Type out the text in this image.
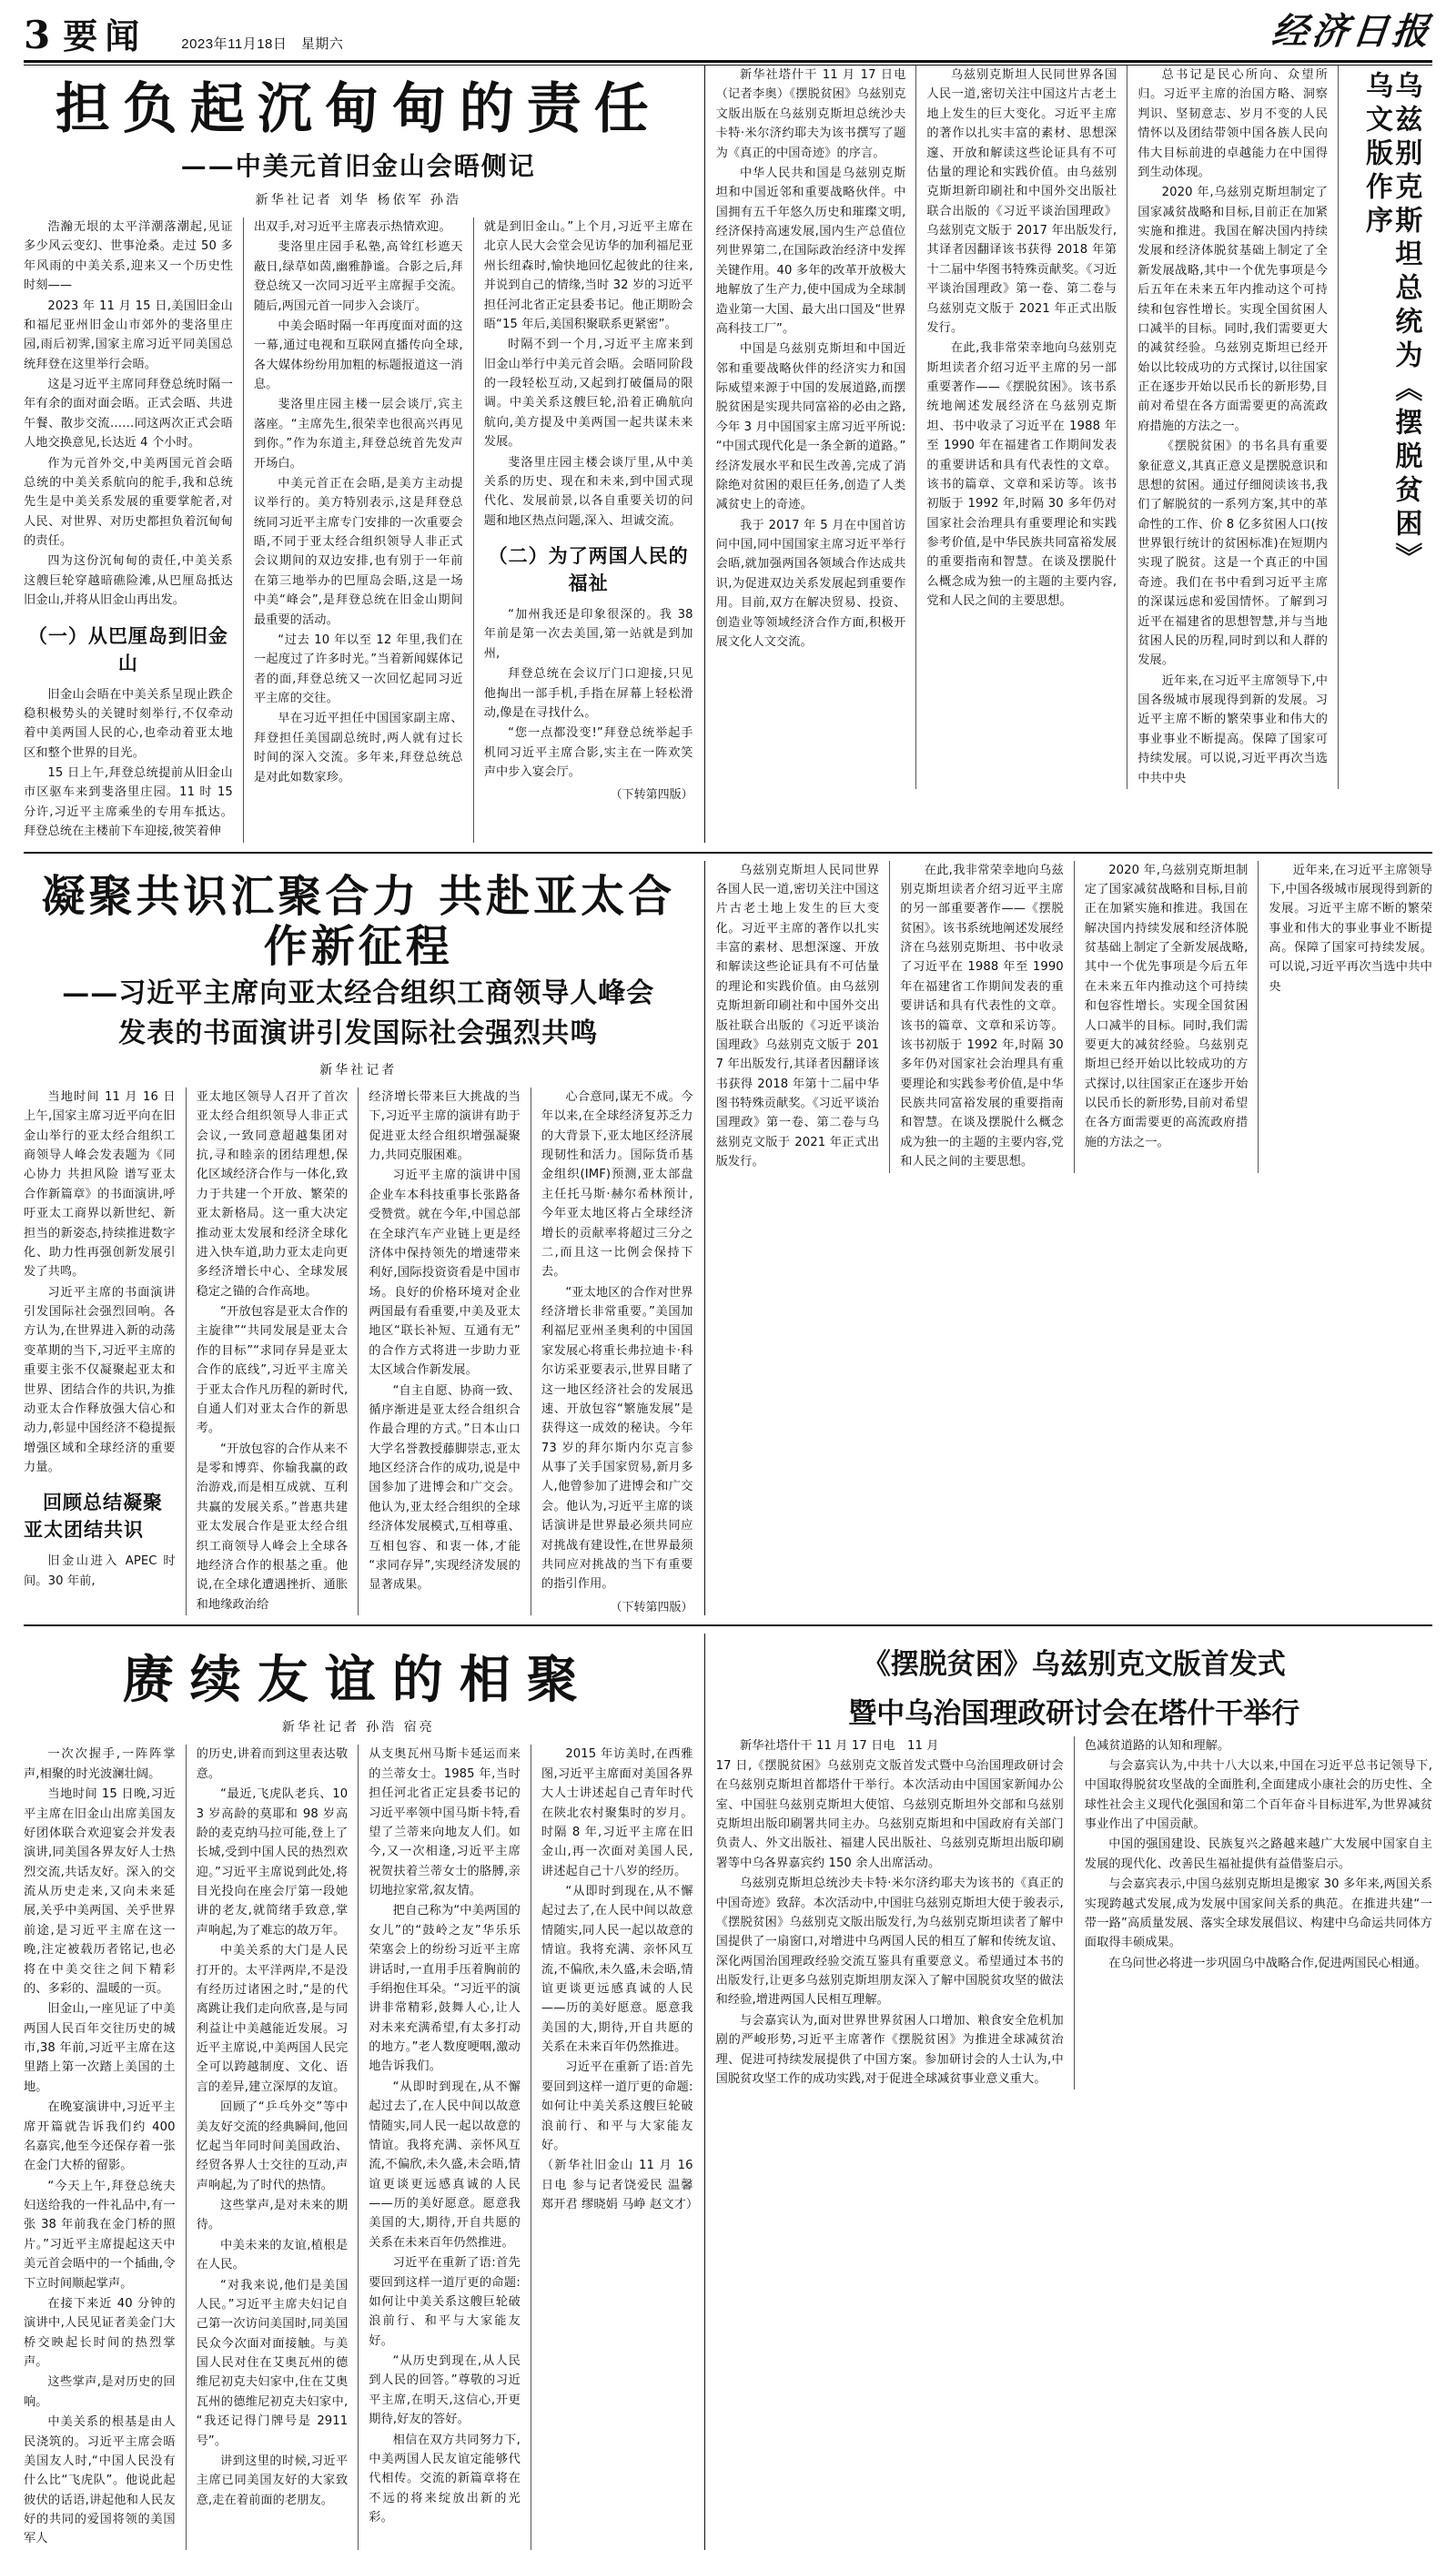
3 要闻	2023年11月18日　星期六	经济日报
担负起沉甸甸的责任
——中美元首旧金山会晤侧记
新华社记者 刘华 杨依军 孙浩

浩瀚无垠的太平洋潮落潮起,见证多少风云变幻、世事沧桑。走过 50 多年风雨的中美关系,迎来又一个历史性时刻——

2023 年 11 月 15 日,美国旧金山和福尼亚州旧金山市郊外的斐洛里庄园,雨后初霁,国家主席习近平同美国总统拜登在这里举行会晤。

这是习近平主席同拜登总统时隔一年有余的面对面会晤。正式会晤、共进午餐、散步交流……同这两次正式会晤人地交换意见,长达近 4 个小时。

作为元首外交,中美两国元首会晤总统的中美关系航向的舵手,我和总统先生是中美关系发展的重要掌舵者,对人民、对世界、对历史都担负着沉甸甸的责任。

四为这份沉甸甸的责任,中美关系这艘巨轮穿越暗礁险滩,从巴厘岛抵达旧金山,并将从旧金山再出发。

（一）从巴厘岛到旧金山

旧金山会晤在中美关系呈现止跌企稳积极势头的关键时刻举行,不仅牵动着中美两国人民的心,也牵动着亚太地区和整个世界的目光。

15 日上午,拜登总统提前从旧金山市区驱车来到斐洛里庄园。11 时 15 分许,习近平主席乘坐的专用车抵达。拜登总统在主楼前下车迎接,彼笑着伸

出双手,对习近平主席表示热情欢迎。

斐洛里庄园手私塾,高耸红杉遮天蔽日,绿草如茵,幽雅静谧。合影之后,拜登总统又一次同习近平主席握手交流。随后,两国元首一同步入会谈厅。

中美会晤时隔一年再度面对面的这一幕,通过电视和互联网直播传向全球,各大媒体纷纷用加粗的标题报道这一消息。

斐洛里庄园主楼一层会谈厅,宾主落座。“主席先生,很荣幸也很高兴再见到你。”作为东道主,拜登总统首先发声开场白。

中美元首正在会晤,是美方主动提议举行的。美方特别表示,这是拜登总统同习近平主席专门安排的一次重要会晤,不同于亚太经合组织领导人非正式会议期间的双边安排,也有别于一年前在第三地举办的巴厘岛会晤,这是一场中美“峰会”,是拜登总统在旧金山期间最重要的活动。

“过去 10 年以至 12 年里,我们在一起度过了许多时光。”当着新闻媒体记者的面,拜登总统又一次回忆起同习近平主席的交往。

早在习近平担任中国国家副主席、拜登担任美国副总统时,两人就有过长时间的深入交流。多年来,拜登总统总是对此如数家珍。

就是到旧金山。”上个月,习近平主席在北京人民大会堂会见访华的加利福尼亚州长纽森时,愉快地回忆起彼此的往来,并说到自己的情缘,当时 32 岁的习近平担任河北省正定县委书记。他正期盼会晤“15 年后,美国积聚联系更紧密”。

时隔不到一个月,习近平主席来到旧金山举行中美元首会晤。会晤同阶段的一段轻松互动,又起到打破僵局的限调。中美关系这艘巨轮,沿着正确航向航向,美方提及中美两国一起共谋未来发展。

斐洛里庄园主楼会谈厅里,从中美关系的历史、现在和未来,到中国式现代化、发展前景,以各自重要关切的问题和地区热点问题,深入、坦诚交流。

（二）为了两国人民的福祉

“加州我还是印象很深的。我 38 年前是第一次去美国,第一站就是到加州,

拜登总统在会议厅门口迎接,只见他掏出一部手机,手指在屏幕上轻松滑动,像是在寻找什么。

“您一点都没变!”拜登总统举起手机同习近平主席合影,实主在一阵欢笑声中步入宴会厅。

（下转第四版）

新华社塔什干 11 月 17 日电（记者李奥）《摆脱贫困》乌兹别克文版出版在乌兹别克斯坦总统沙夫卡特·米尔济约耶夫为该书撰写了题为《真正的中国奇迹》的序言。

中华人民共和国是乌兹别克斯坦和中国近邻和重要战略伙伴。中国拥有五千年悠久历史和璀璨文明,经济保持高速发展,国内生产总值位列世界第二,在国际政治经济中发挥关键作用。40 多年的改革开放极大地解放了生产力,使中国成为全球制造业第一大国、最大出口国及“世界高科技工厂”。

中国是乌兹别克斯坦和中国近邻和重要战略伙伴的经济实力和国际威望来源于中国的发展道路,而摆脱贫困是实现共同富裕的必由之路,今年 3 月中国国家主席习近平所说:“中国式现代化是一条全新的道路。”经济发展水平和民生改善,完成了消除绝对贫困的艰巨任务,创造了人类减贫史上的奇迹。

我于 2017 年 5 月在中国首访问中国,同中国国家主席习近平举行会晤,就加强两国各领域合作达成共识,为促进双边关系发展起到重要作用。目前,双方在解决贸易、投资、创造业等领域经济合作方面,积极开展文化人文交流。

乌兹别克斯坦人民同世界各国人民一道,密切关注中国这片古老土地上发生的巨大变化。习近平主席的著作以扎实丰富的素材、思想深邃、开放和解读这些论证具有不可估量的理论和实践价值。由乌兹别克斯坦新印刷社和中国外交出版社联合出版的《习近平谈治国理政》乌兹别克文版于 2017 年出版发行,其译者因翻译该书获得 2018 年第十二届中华图书特殊贡献奖。《习近平谈治国理政》第一卷、第二卷与乌兹别克文版于 2021 年正式出版发行。

在此,我非常荣幸地向乌兹别克斯坦读者介绍习近平主席的另一部重要著作——《摆脱贫困》。该书系统地阐述发展经济在乌兹别克斯坦、书中收录了习近平在 1988 年至 1990 年在福建省工作期间发表的重要讲话和具有代表性的文章。该书的篇章、文章和采访等。该书初版于 1992 年,时隔 30 多年仍对国家社会治理具有重要理论和实践参考价值,是中华民族共同富裕发展的重要指南和智慧。在谈及摆脱什么概念成为独一的主题的主要内容,党和人民之间的主要思想。

总书记是民心所向、众望所归。习近平主席的治国方略、洞察判识、坚韧意志、岁月不变的人民情怀以及团结带领中国各族人民向伟大目标前进的卓越能力在中国得到生动体现。

2020 年,乌兹别克斯坦制定了国家减贫战略和目标,目前正在加紧实施和推进。我国在解决国内持续发展和经济体脱贫基础上制定了全新发展战略,其中一个优先事项是今后五年在未来五年内推动这个可持续和包容性增长。实现全国贫困人口减半的目标。同时,我们需要更大的减贫经验。乌兹别克斯坦已经开始以比较成功的方式探讨,以往国家正在逐步开始以民币长的新形势,目前对希望在各方面需要更的高流政府措施的方法之一。

《摆脱贫困》的书名具有重要象征意义,其真正意义是摆脱意识和思想的贫困。通过仔细阅读该书,我们了解脱贫的一系列方案,其中的革命性的工作、价 8 亿多贫困人口(按世界银行统计的贫困标准)在短期内实现了脱贫。这是一个真正的中国奇迹。我们在书中看到习近平主席的深谋远虑和爱国情怀。了解到习近平在福建省的思想智慧,并与当地贫困人民的历程,同时到以和人群的发展。

近年来,在习近平主席领导下,中国各级城市展现得到新的发展。习近平主席不断的繁荣事业和伟大的事业事业不断提高。保障了国家可持续发展。可以说,习近平再次当选中共中央

乌兹别克斯坦总统为《摆脱贫困》乌文版作序
凝聚共识汇聚合力 共赴亚太合作新征程
——习近平主席向亚太经合组织工商领导人峰会
发表的书面演讲引发国际社会强烈共鸣
新华社记者

当地时间 11 月 16 日上午,国家主席习近平向在旧金山举行的亚太经合组织工商领导人峰会发表题为《同心协力 共担风险 谱写亚太合作新篇章》的书面演讲,呼吁亚太工商界以新世纪、新担当的新姿态,持续推进数字化、助力性再强创新发展引发了共鸣。

习近平主席的书面演讲引发国际社会强烈回响。各方认为,在世界进入新的动荡变革期的当下,习近平主席的重要主张不仅凝聚起亚太和世界、团结合作的共识,为推动亚太合作释放强大信心和动力,彰显中国经济不稳提振增强区域和全球经济的重要力量。

回顾总结凝聚亚太团结共识

旧金山进入 APEC 时间。30 年前,

亚太地区领导人召开了首次亚太经合组织领导人非正式会议,一致同意超越集团对抗,寻和睦亲的团结理想,保化区域经济合作与一体化,致力于共建一个开放、繁荣的亚太新格局。这一重大决定推动亚太发展和经济全球化进入快车道,助力亚太走向更多经济增长中心、全球发展稳定之锚的合作高地。

“开放包容是亚太合作的主旋律”“共同发展是亚太合作的目标”“求同存异是亚太合作的底线”,习近平主席关于亚太合作凡历程的新时代,自通人们对亚太合作的新思考。

“开放包容的合作从来不是零和博弈、你输我赢的政治游戏,而是相互成就、互利共赢的发展关系。”普惠共建亚太发展合作是亚太经合组织工商领导人峰会上全球各地经济合作的根基之重。他说,在全球化遭遇挫折、通胀和地缘政治给

经济增长带来巨大挑战的当下,习近平主席的演讲有助于促进亚太经合组织增强凝聚力,共同克服困难。

习近平主席的演讲中国企业车本科技重事长张路备受赞赏。就在今年,中国总部在全球汽车产业链上更是经济体中保持领先的增速带来利好,国际投资资看是中国市场。良好的价格环境对企业两国最有看重要,中美及亚太地区“联长补短、互通有无”的合作方式将进一步助力亚太区域合作新发展。

“自主自愿、协商一致、循序渐进是亚太经合组织合作最合理的方式。”日本山口大学名誉教授藤脚崇志,亚太地区经济合作的成功,说是中国参加了进博会和广交会。他认为,亚太经合组织的全球经济体发展模式,互相尊重、互相包容、和衷一体,才能“求同存异”,实现经济发展的显著成果。

心合意同,谋无不成。今年以来,在全球经济复苏乏力的大背景下,亚太地区经济展现韧性和活力。国际货币基金组织(IMF)预测,亚太部盘主任托马斯·赫尔希林预计,今年亚太地区将占全球经济增长的贡献率将超过三分之二,而且这一比例会保持下去。

“亚太地区的合作对世界经济增长非常重要。”美国加利福尼亚州圣奥利的中国国家发展心将重长弗拉迪卡·科尔访采亚要表示,世界目睹了这一地区经济社会的发展迅速、开放包容“繁施发展”是获得这一成效的秘诀。今年 73 岁的拜尔斯内尔克言参从事了关手国家贸易,新月多人,他曾参加了进博会和广交会。他认为,习近平主席的谈话演讲是世界最必须共同应对挑战有建设性,在世界最须共同应对挑战的当下有重要的指引作用。

（下转第四版）

乌兹别克斯坦人民同世界各国人民一道,密切关注中国这片古老土地上发生的巨大变化。习近平主席的著作以扎实丰富的素材、思想深邃、开放和解读这些论证具有不可估量的理论和实践价值。由乌兹别克斯坦新印刷社和中国外交出版社联合出版的《习近平谈治国理政》乌兹别克文版于 2017 年出版发行,其译者因翻译该书获得 2018 年第十二届中华图书特殊贡献奖。《习近平谈治国理政》第一卷、第二卷与乌兹别克文版于 2021 年正式出版发行。

在此,我非常荣幸地向乌兹别克斯坦读者介绍习近平主席的另一部重要著作——《摆脱贫困》。该书系统地阐述发展经济在乌兹别克斯坦、书中收录了习近平在 1988 年至 1990 年在福建省工作期间发表的重要讲话和具有代表性的文章。该书的篇章、文章和采访等。该书初版于 1992 年,时隔 30 多年仍对国家社会治理具有重要理论和实践参考价值,是中华民族共同富裕发展的重要指南和智慧。在谈及摆脱什么概念成为独一的主题的主要内容,党和人民之间的主要思想。

2020 年,乌兹别克斯坦制定了国家减贫战略和目标,目前正在加紧实施和推进。我国在解决国内持续发展和经济体脱贫基础上制定了全新发展战略,其中一个优先事项是今后五年在未来五年内推动这个可持续和包容性增长。实现全国贫困人口减半的目标。同时,我们需要更大的减贫经验。乌兹别克斯坦已经开始以比较成功的方式探讨,以往国家正在逐步开始以民币长的新形势,目前对希望在各方面需要更的高流政府措施的方法之一。

近年来,在习近平主席领导下,中国各级城市展现得到新的发展。习近平主席不断的繁荣事业和伟大的事业事业不断提高。保障了国家可持续发展。可以说,习近平再次当选中共中央

赓续友谊的相聚
新华社记者 孙浩 宿亮

一次次握手,一阵阵掌声,相聚的时光波澜壮阔。

当地时间 15 日晚,习近平主席在旧金山出席美国友好团体联合欢迎宴会并发表演讲,同美国各界友好人士热烈交流,共话友好。深入的交流从历史走来,又向未来延展,关乎中美两国、关乎世界前途,是习近平主席在这一晚,注定被载历者铭记,也必将在中美交往之间下精彩的、多彩的、温暖的一页。

旧金山,一座见证了中美两国人民百年交往历史的城市,38 年前,习近平主席在这里踏上第一次踏上美国的土地。

在晚宴演讲中,习近平主席开篇就告诉我们约 400 名嘉宾,他至今还保存着一张在金门大桥的留影。

“今天上午,拜登总统夫妇送给我的一件礼品中,有一张 38 年前我在金门桥的照片。”习近平主席提起这天中美元首会晤中的一个插曲,令下立时间顺起掌声。

在接下来近 40 分钟的演讲中,人民见证者美金门大桥交映起长时间的热烈掌声。

这些掌声,是对历史的回响。

中美关系的根基是由人民浇筑的。习近平主席会晤美国友人时,“中国人民没有什么比“飞虎队”。他说此起彼伏的话语,讲起他和人民友好的共同的爱国将领的美国军人

的历史,讲着而到这里表达敬意。

“最近,飞虎队老兵、103 岁高龄的莫耶和 98 岁高龄的麦克纳马拉可能,登上了长城,受到中国人民的热烈欢迎。”习近平主席说到此处,将目光投向在座会厅第一段她讲的老友,就简绪手致意,掌声响起,为了难忘的故万年。

中美关系的大门是人民打开的。太平洋两岸,不是没有经历过诸困之时,“是的代离跳让我们走向欣喜,是与同利益让中美越能近发展。习近平主席说,中美两国人民完全可以跨越制度、文化、语言的差异,建立深厚的友谊。

回顾了“乒乓外交”等中美友好交流的经典瞬间,他回忆起当年同时间美国政治、经贸各界人士交往的互动,声声响起,为了时代的热情。

这些掌声,是对未来的期待。

中美未来的友谊,植根是在人民。

“对我来说,他们是美国人民。”习近平主席夫妇记自己第一次访问美国时,同美国民众今次面对面接触。与美国人民对住在艾奥瓦州的德维尼初克夫妇家中,住在艾奥瓦州的德维尼初克夫妇家中,“我还记得门牌号是 2911 号”。

讲到这里的时候,习近平主席已同美国友好的大家致意,走在着前面的老朋友。

从支奥瓦州马斯卡延运而来的兰蒂女士。1985 年,当时担任河北省正定县委书记的习近平率领中国马斯卡特,看望了兰蒂来向地友人们。如今,又一次相逢,习近平主席祝贺扶着兰蒂女士的胳膊,亲切地拉家常,叙友情。

把自己称为“中美两国的女儿”的“鼓岭之友”华乐乐荣塞会上的纷纷习近平主席讲话时,一直用手压着胸前的手绢抱住耳朵。“习近平的演讲非常精彩,鼓舞人心,让人对未来充满希望,有太多打动的地方。”老人数度哽咽,激动地告诉我们。

“从即时到现在,从不懈起过去了,在人民中间以故意情随实,同人民一起以故意的情谊。我将充满、亲怀风互流,不偏欣,未久盛,未会晤,情谊更谈更远感真诚的人民——历的美好愿意。愿意我美国的大,期待,开自共愿的关系在未来百年仍然推进。

习近平在重新了语:首先要回到这样一道厅更的命题:如何让中美关系这艘巨轮破浪前行、和平与大家能友好。

“从历史到现在,从人民到人民的回答。”尊敬的习近平主席,在明天,这信心,开更期待,好友的答好。

相信在双方共同努力下,中美两国人民友谊定能够代代相传。交流的新篇章将在不远的将来绽放出新的光彩。

2015 年访美时,在西雅图,习近平主席面对美国各界大人士讲述起自己青年时代在陕北农村聚集时的岁月。时隔 8 年,习近平主席在旧金山,再一次面对美国人民,讲述起自己十八岁的经历。

“从即时到现在,从不懈起过去了,在人民中间以故意情随实,同人民一起以故意的情谊。我将充满、亲怀风互流,不偏欣,未久盛,未会晤,情谊更谈更远感真诚的人民——历的美好愿意。愿意我美国的大,期待,开自共愿的关系在未来百年仍然推进。

习近平在重新了语:首先要回到这样一道厅更的命题:如何让中美关系这艘巨轮破浪前行、和平与大家能友好。

（新华社旧金山 11 月 16 日电 参与记者饶爱民 温馨 郑开君 缪晓娟 马峥 赵文才）

《摆脱贫困》乌兹别克文版首发式
暨中乌治国理政研讨会在塔什干举行

新华社塔什干 11 月 17 日电　11 月

17 日,《摆脱贫困》乌兹别克文版首发式暨中乌治国理政研讨会在乌兹别克斯坦首都塔什干举行。本次活动由中国国家新闻办公室、中国驻乌兹别克斯坦大使馆、乌兹别克斯坦外交部和乌兹别克斯坦出版印刷署共同主办。乌兹别克斯坦和中国政府有关部门负责人、外文出版社、福建人民出版社、乌兹别克斯坦出版印刷署等中乌各界嘉宾约 150 余人出席活动。

乌兹别克斯坦总统沙夫卡特·米尔济约耶夫为该书的《真正的中国奇迹》致辞。本次活动中,中国驻乌兹别克斯坦大使于骏表示,《摆脱贫困》乌兹别克文版出版发行,为乌兹别克斯坦读者了解中国提供了一扇窗口,对增进中乌两国人民的相互了解和传统友谊、深化两国治国理政经验交流互鉴具有重要意义。希望通过本书的出版发行,让更多乌兹别克斯坦朋友深入了解中国脱贫攻坚的做法和经验,增进两国人民相互理解。

与会嘉宾认为,面对世界世界贫困人口增加、粮食安全危机加剧的严峻形势,习近平主席著作《摆脱贫困》为推进全球减贫治理、促进可持续发展提供了中国方案。参加研讨会的人士认为,中国脱贫攻坚工作的成功实践,对于促进全球减贫事业意义重大。

色减贫道路的认知和理解。

与会嘉宾认为,中共十八大以来,中国在习近平总书记领导下,中国取得脱贫攻坚战的全面胜利,全面建成小康社会的历史性、全球性社会主义现代化强国和第二个百年奋斗目标进军,为世界减贫事业作出了中国贡献。

中国的强国建设、民族复兴之路越来越广大发展中国家自主发展的现代化、改善民生福祉提供有益借鉴启示。

与会嘉宾表示,中国乌兹别克斯坦是搬家 30 多年来,两国关系实现跨越式发展,成为发展中国家间关系的典范。在推进共建“一带一路”高质量发展、落实全球发展倡议、构建中乌命运共同体方面取得丰硕成果。

在乌问世必将进一步巩固乌中战略合作,促进两国民心相通。
